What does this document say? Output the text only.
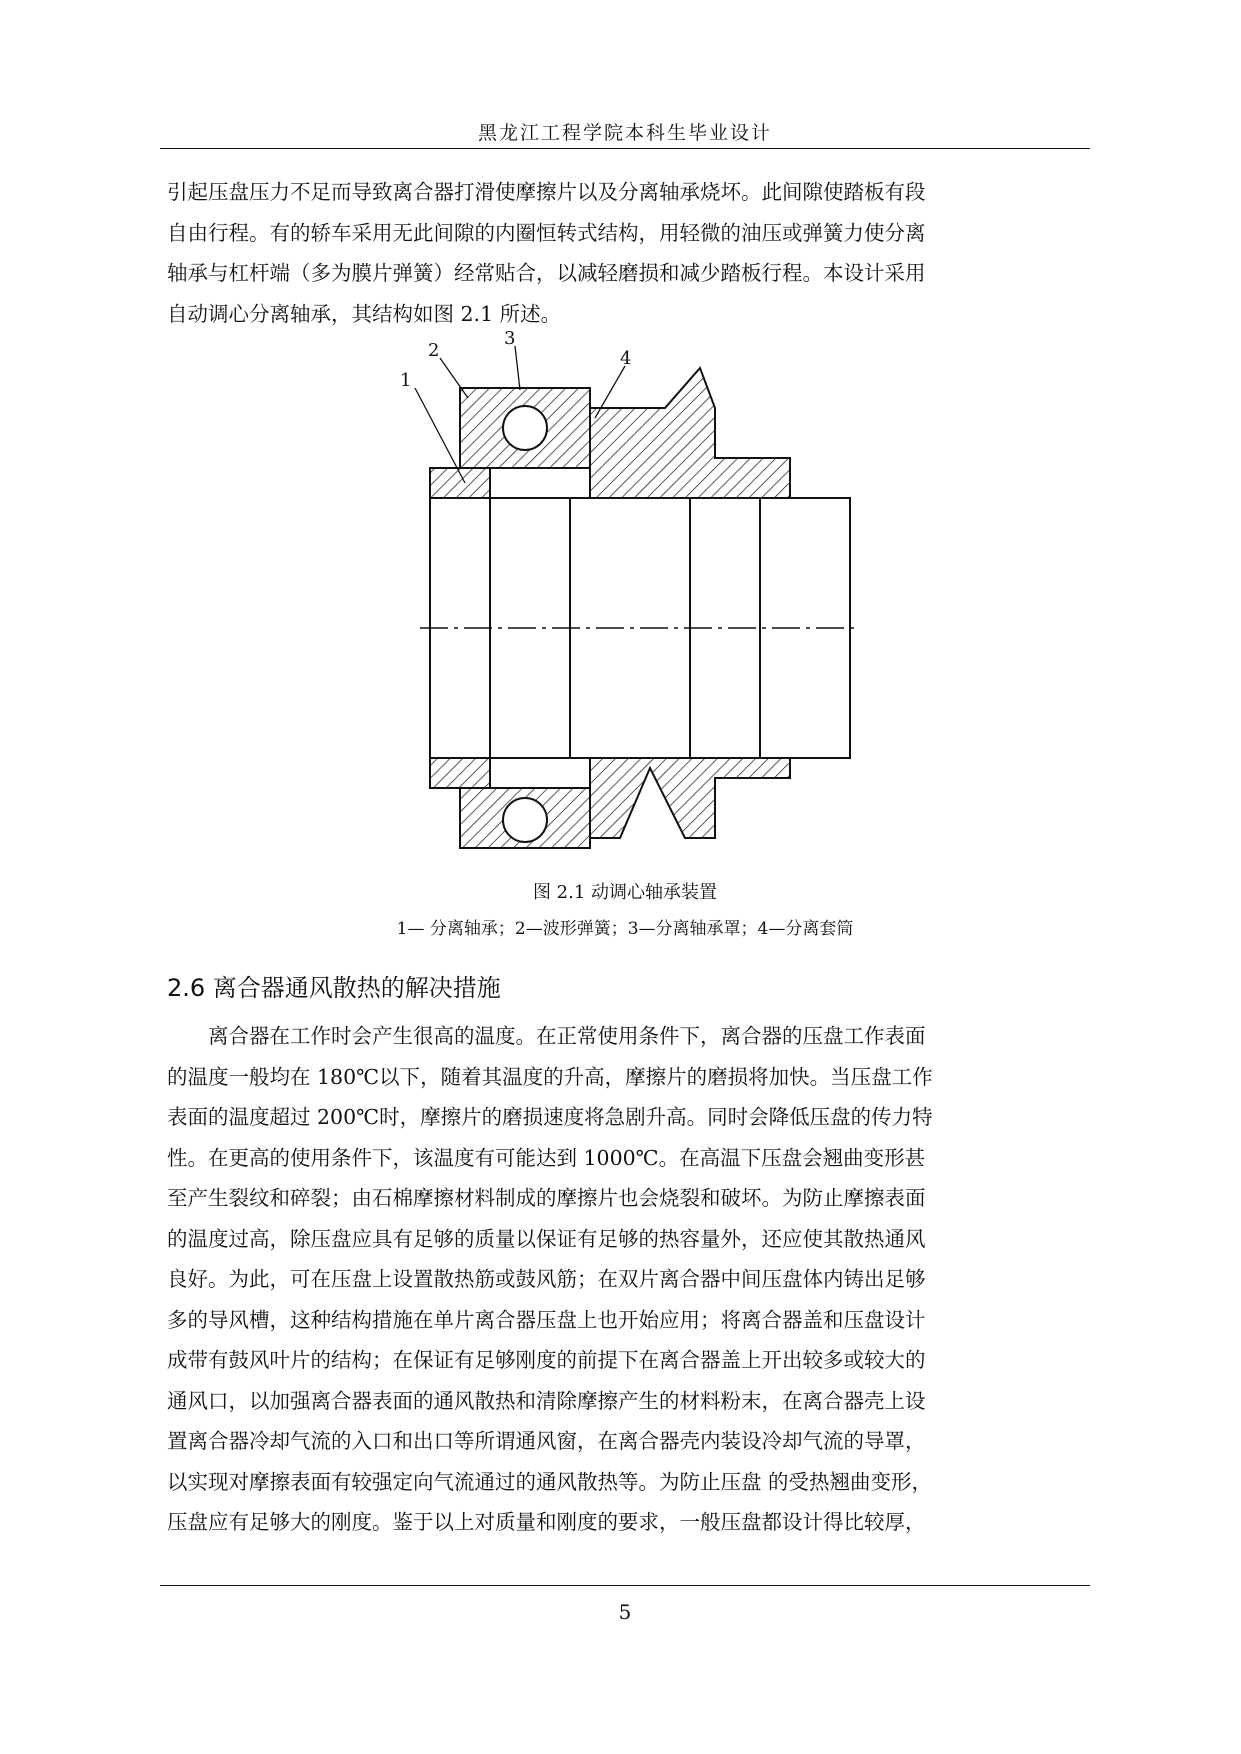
黑龙江工程学院本科生毕业设计
引起压盘压力不足而导致离合器打滑使摩擦片以及分离轴承烧坏。此间隙使踏板有段
自由行程。有的轿车采用无此间隙的内圈恒转式结构，用轻微的油压或弹簧力使分离
轴承与杠杆端（多为膜片弹簧）经常贴合，以减轻磨损和减少踏板行程。本设计采用
自动调心分离轴承，其结构如图 2.1 所述。
1
2
3
4
图 2.1 动调心轴承装置
1— 分离轴承；2—波形弹簧；3—分离轴承罩；4—分离套筒
2.6 离合器通风散热的解决措施
　　离合器在工作时会产生很高的温度。在正常使用条件下，离合器的压盘工作表面
的温度一般均在 180℃以下，随着其温度的升高，摩擦片的磨损将加快。当压盘工作
表面的温度超过 200℃时，摩擦片的磨损速度将急剧升高。同时会降低压盘的传力特
性。在更高的使用条件下，该温度有可能达到 1000℃。在高温下压盘会翘曲变形甚
至产生裂纹和碎裂；由石棉摩擦材料制成的摩擦片也会烧裂和破坏。为防止摩擦表面
的温度过高，除压盘应具有足够的质量以保证有足够的热容量外，还应使其散热通风
良好。为此，可在压盘上设置散热筋或鼓风筋；在双片离合器中间压盘体内铸出足够
多的导风槽，这种结构措施在单片离合器压盘上也开始应用；将离合器盖和压盘设计
成带有鼓风叶片的结构；在保证有足够刚度的前提下在离合器盖上开出较多或较大的
通风口，以加强离合器表面的通风散热和清除摩擦产生的材料粉末，在离合器壳上设
置离合器冷却气流的入口和出口等所谓通风窗，在离合器壳内装设冷却气流的导罩，
以实现对摩擦表面有较强定向气流通过的通风散热等。为防止压盘 的受热翘曲变形，
压盘应有足够大的刚度。鉴于以上对质量和刚度的要求，一般压盘都设计得比较厚，
5
